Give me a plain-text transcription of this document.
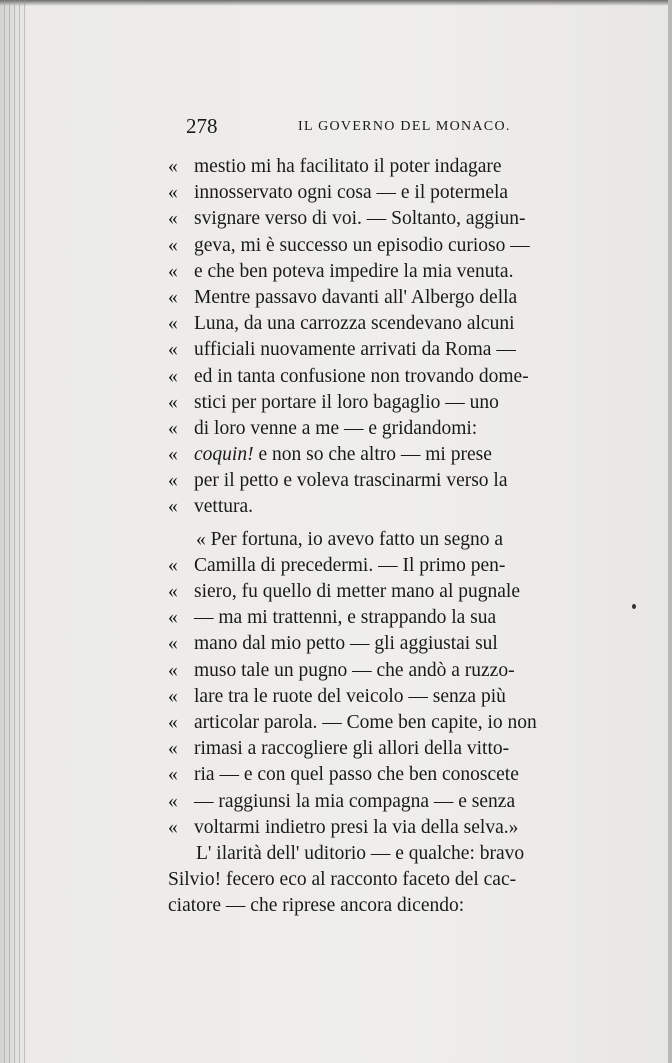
278	IL GOVERNO DEL MONACO.
« mestio mi ha facilitato il poter indagare
« innosservato ogni cosa — e il potermela
« svignare verso di voi. — Soltanto, aggiun-
« geva, mi è successo un episodio curioso —
« e che ben poteva impedire la mia venuta.
« Mentre passavo davanti all' Albergo della
« Luna, da una carrozza scendevano alcuni
« ufficiali nuovamente arrivati da Roma —
« ed in tanta confusione non trovando dome-
« stici per portare il loro bagaglio — uno
« di loro venne a me — e gridandomi:
« coquin! e non so che altro — mi prese
« per il petto e voleva trascinarmi verso la
« vettura.
« Per fortuna, io avevo fatto un segno a
« Camilla di precedermi. — Il primo pen-
« siero, fu quello di metter mano al pugnale
« — ma mi trattenni, e strappando la sua
« mano dal mio petto — gli aggiustai sul
« muso tale un pugno — che andò a ruzzo-
« lare tra le ruote del veicolo — senza più
« articolar parola. — Come ben capite, io non
« rimasi a raccogliere gli allori della vitto-
« ria — e con quel passo che ben conoscete
« — raggiunsi la mia compagna — e senza
« voltarmi indietro presi la via della selva.»
L' ilarità dell' uditorio — e qualche: bravo
Silvio! fecero eco al racconto faceto del cac-
ciatore — che riprese ancora dicendo:
